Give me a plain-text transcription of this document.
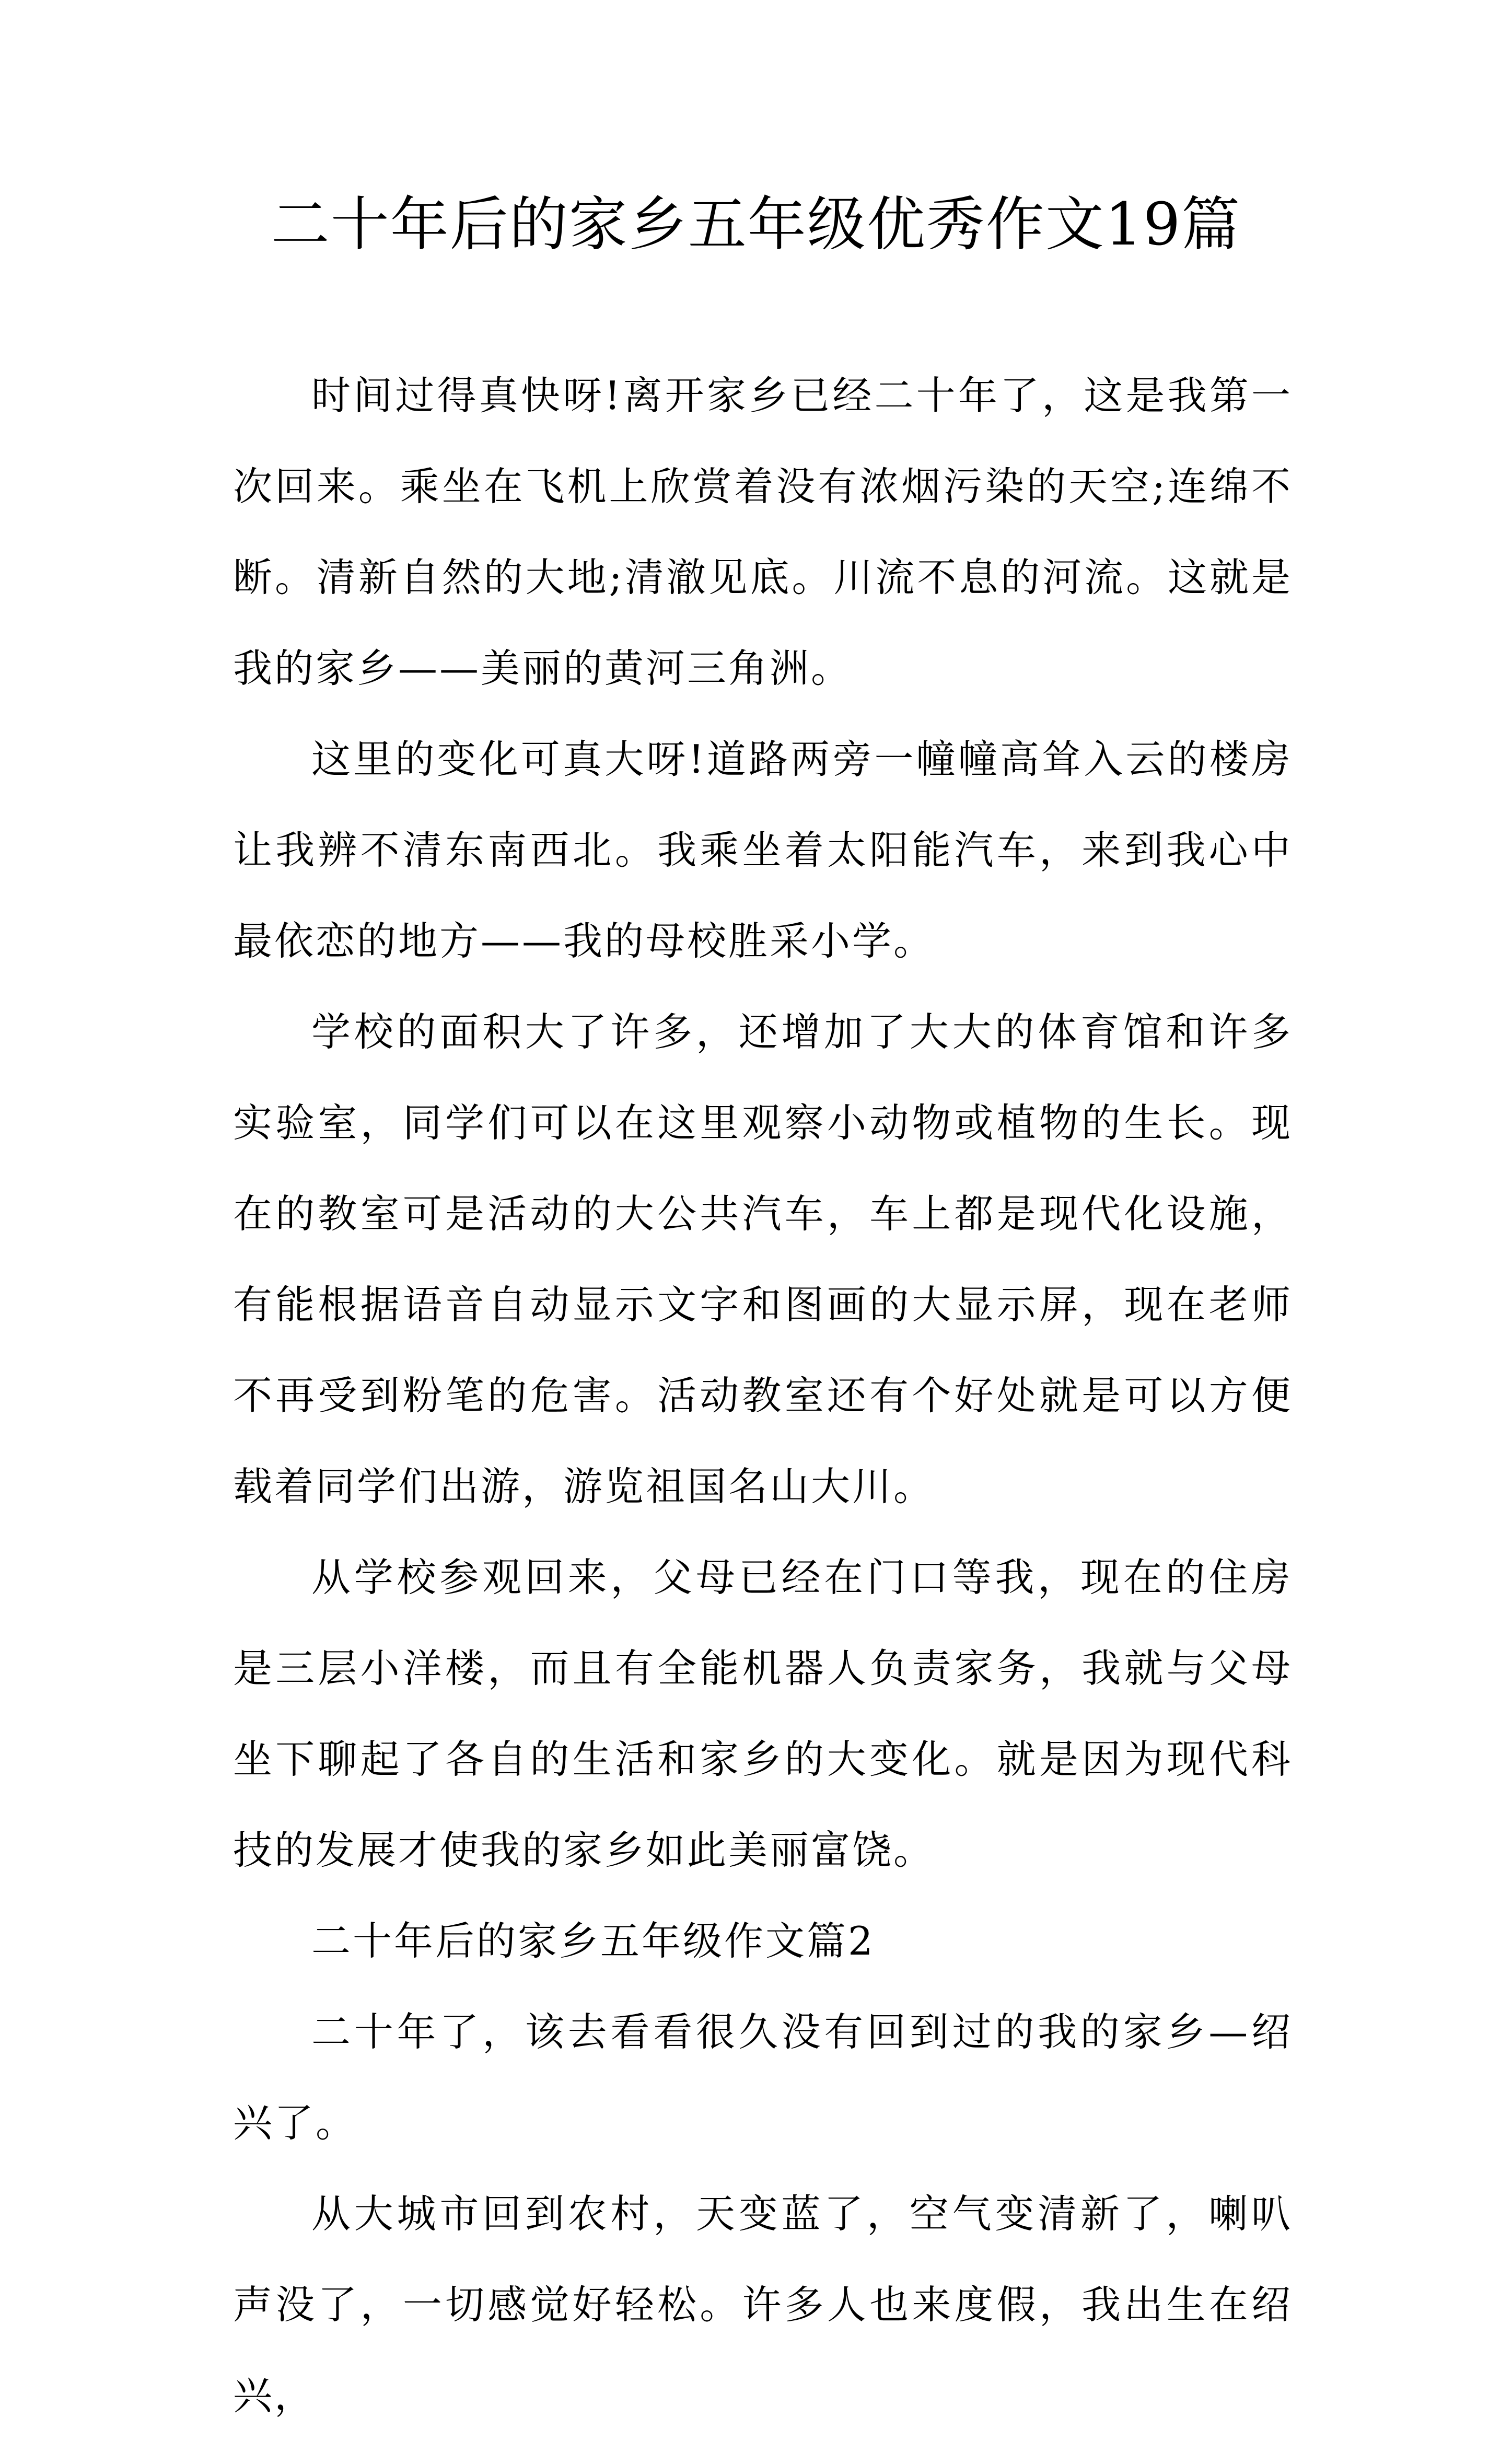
二十年后的家乡五年级优秀作文19篇

时间过得真快呀!离开家乡已经二十年了，这是我第一次回来。乘坐在飞机上欣赏着没有浓烟污染的天空;连绵不断。清新自然的大地;清澈见底。川流不息的河流。这就是我的家乡——美丽的黄河三角洲。

这里的变化可真大呀!道路两旁一幢幢高耸入云的楼房让我辨不清东南西北。我乘坐着太阳能汽车，来到我心中最依恋的地方——我的母校胜采小学。

学校的面积大了许多，还增加了大大的体育馆和许多实验室，同学们可以在这里观察小动物或植物的生长。现在的教室可是活动的大公共汽车，车上都是现代化设施，有能根据语音自动显示文字和图画的大显示屏，现在老师不再受到粉笔的危害。活动教室还有个好处就是可以方便载着同学们出游，游览祖国名山大川。

从学校参观回来，父母已经在门口等我，现在的住房是三层小洋楼，而且有全能机器人负责家务，我就与父母坐下聊起了各自的生活和家乡的大变化。就是因为现代科技的发展才使我的家乡如此美丽富饶。

二十年后的家乡五年级作文篇2

二十年了，该去看看很久没有回到过的我的家乡—绍兴了。

从大城市回到农村，天变蓝了，空气变清新了，喇叭声没了，一切感觉好轻松。许多人也来度假，我出生在绍兴，
